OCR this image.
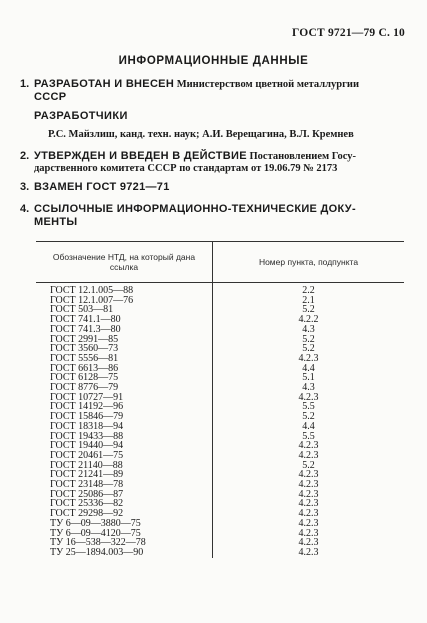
ГОСТ 9721—79 С. 10
ИНФОРМАЦИОННЫЕ ДАННЫЕ
1. РАЗРАБОТАН И ВНЕСЕН Министерством цветной металлургии
СССР
РАЗРАБОТЧИКИ
Р.С. Майзлиш, канд. техн. наук; А.И. Верещагина, В.Л. Кремнев
2. УТВЕРЖДЕН И ВВЕДЕН В ДЕЙСТВИЕ Постановлением Госу-
дарственного комитета СССР по стандартам от 19.06.79 № 2173
3. ВЗАМЕН ГОСТ 9721—71
4. ССЫЛОЧНЫЕ ИНФОРМАЦИОННО-ТЕХНИЧЕСКИЕ ДОКУ-
МЕНТЫ
Обозначение НТД, на который дана ссылка	Номер пункта, подпункта
ГОСТ 12.1.005—88	2.2
ГОСТ 12.1.007—76	2.1
ГОСТ 503—81	5.2
ГОСТ 741.1—80	4.2.2
ГОСТ 741.3—80	4.3
ГОСТ 2991—85	5.2
ГОСТ 3560—73	5.2
ГОСТ 5556—81	4.2.3
ГОСТ 6613—86	4.4
ГОСТ 6128—75	5.1
ГОСТ 8776—79	4.3
ГОСТ 10727—91	4.2.3
ГОСТ 14192—96	5.5
ГОСТ 15846—79	5.2
ГОСТ 18318—94	4.4
ГОСТ 19433—88	5.5
ГОСТ 19440—94	4.2.3
ГОСТ 20461—75	4.2.3
ГОСТ 21140—88	5.2
ГОСТ 21241—89	4.2.3
ГОСТ 23148—78	4.2.3
ГОСТ 25086—87	4.2.3
ГОСТ 25336—82	4.2.3
ГОСТ 29298—92	4.2.3
ТУ 6—09—3880—75	4.2.3
ТУ 6—09—4120—75	4.2.3
ТУ 16—538—322—78	4.2.3
ТУ 25—1894.003—90	4.2.3
